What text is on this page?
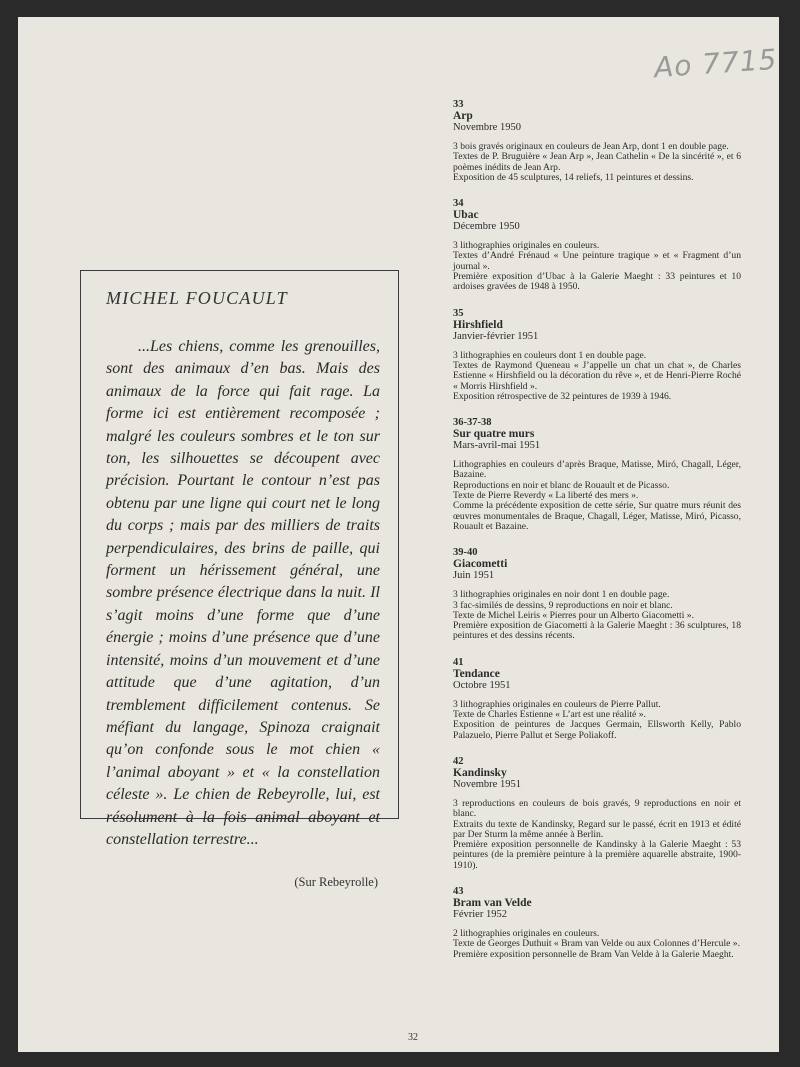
Ao 7715
MICHEL FOUCAULT

...Les chiens, comme les grenouilles, sont des animaux d’en bas. Mais des animaux de la force qui fait rage. La forme ici est entièrement recomposée ; malgré les couleurs sombres et le ton sur ton, les silhouettes se découpent avec précision. Pourtant le contour n’est pas obtenu par une ligne qui court net le long du corps ; mais par des milliers de traits perpendiculaires, des brins de paille, qui forment un hérissement général, une sombre présence électrique dans la nuit. Il s’agit moins d’une forme que d’une énergie ; moins d’une présence que d’une intensité, moins d’un mouvement et d’une attitude que d’une agitation, d’un tremblement difficilement contenus. Se méfiant du langage, Spinoza craignait qu’on confonde sous le mot chien « l’animal aboyant » et « la constellation céleste ». Le chien de Rebeyrolle, lui, est résolument à la fois animal aboyant et constellation terrestre...

(Sur Rebeyrolle)
33
Arp
Novembre 1950

3 bois gravés originaux en couleurs de Jean Arp, dont 1 en double page.

Textes de P. Bruguière « Jean Arp », Jean Cathelin « De la sincérité », et 6 poèmes inédits de Jean Arp.

Exposition de 45 sculptures, 14 reliefs, 11 peintures et dessins.

34
Ubac
Décembre 1950

3 lithographies originales en couleurs.

Textes d’André Frénaud « Une peinture tragique » et « Fragment d’un journal ».

Première exposition d’Ubac à la Galerie Maeght : 33 peintures et 10 ardoises gravées de 1948 à 1950.

35
Hirshfield
Janvier-février 1951

3 lithographies en couleurs dont 1 en double page.

Textes de Raymond Queneau « J’appelle un chat un chat », de Charles Estienne « Hirshfield ou la décoration du rêve », et de Henri-Pierre Roché « Morris Hirshfield ».

Exposition rétrospective de 32 peintures de 1939 à 1946.

36-37-38
Sur quatre murs
Mars-avril-mai 1951

Lithographies en couleurs d’après Braque, Matisse, Miró, Chagall, Léger, Bazaine.

Reproductions en noir et blanc de Rouault et de Picasso.

Texte de Pierre Reverdy « La liberté des mers ».

Comme la précédente exposition de cette série, Sur quatre murs réunit des œuvres monumentales de Braque, Chagall, Léger, Matisse, Miró, Picasso, Rouault et Bazaine.

39-40
Giacometti
Juin 1951

3 lithographies originales en noir dont 1 en double page.

3 fac-similés de dessins, 9 reproductions en noir et blanc.

Texte de Michel Leiris « Pierres pour un Alberto Giacometti ».

Première exposition de Giacometti à la Galerie Maeght : 36 sculptures, 18 peintures et des dessins récents.

41
Tendance
Octobre 1951

3 lithographies originales en couleurs de Pierre Pallut.

Texte de Charles Estienne « L’art est une réalité ».

Exposition de peintures de Jacques Germain, Ellsworth Kelly, Pablo Palazuelo, Pierre Pallut et Serge Poliakoff.

42
Kandinsky
Novembre 1951

3 reproductions en couleurs de bois gravés, 9 reproductions en noir et blanc.

Extraits du texte de Kandinsky, Regard sur le passé, écrit en 1913 et édité par Der Sturm la même année à Berlin.

Première exposition personnelle de Kandinsky à la Galerie Maeght : 53 peintures (de la première peinture à la première aquarelle abstraite, 1900-1910).

43
Bram van Velde
Février 1952

2 lithographies originales en couleurs.

Texte de Georges Duthuit « Bram van Velde ou aux Colonnes d’Hercule ».

Première exposition personnelle de Bram Van Velde à la Galerie Maeght.

32
